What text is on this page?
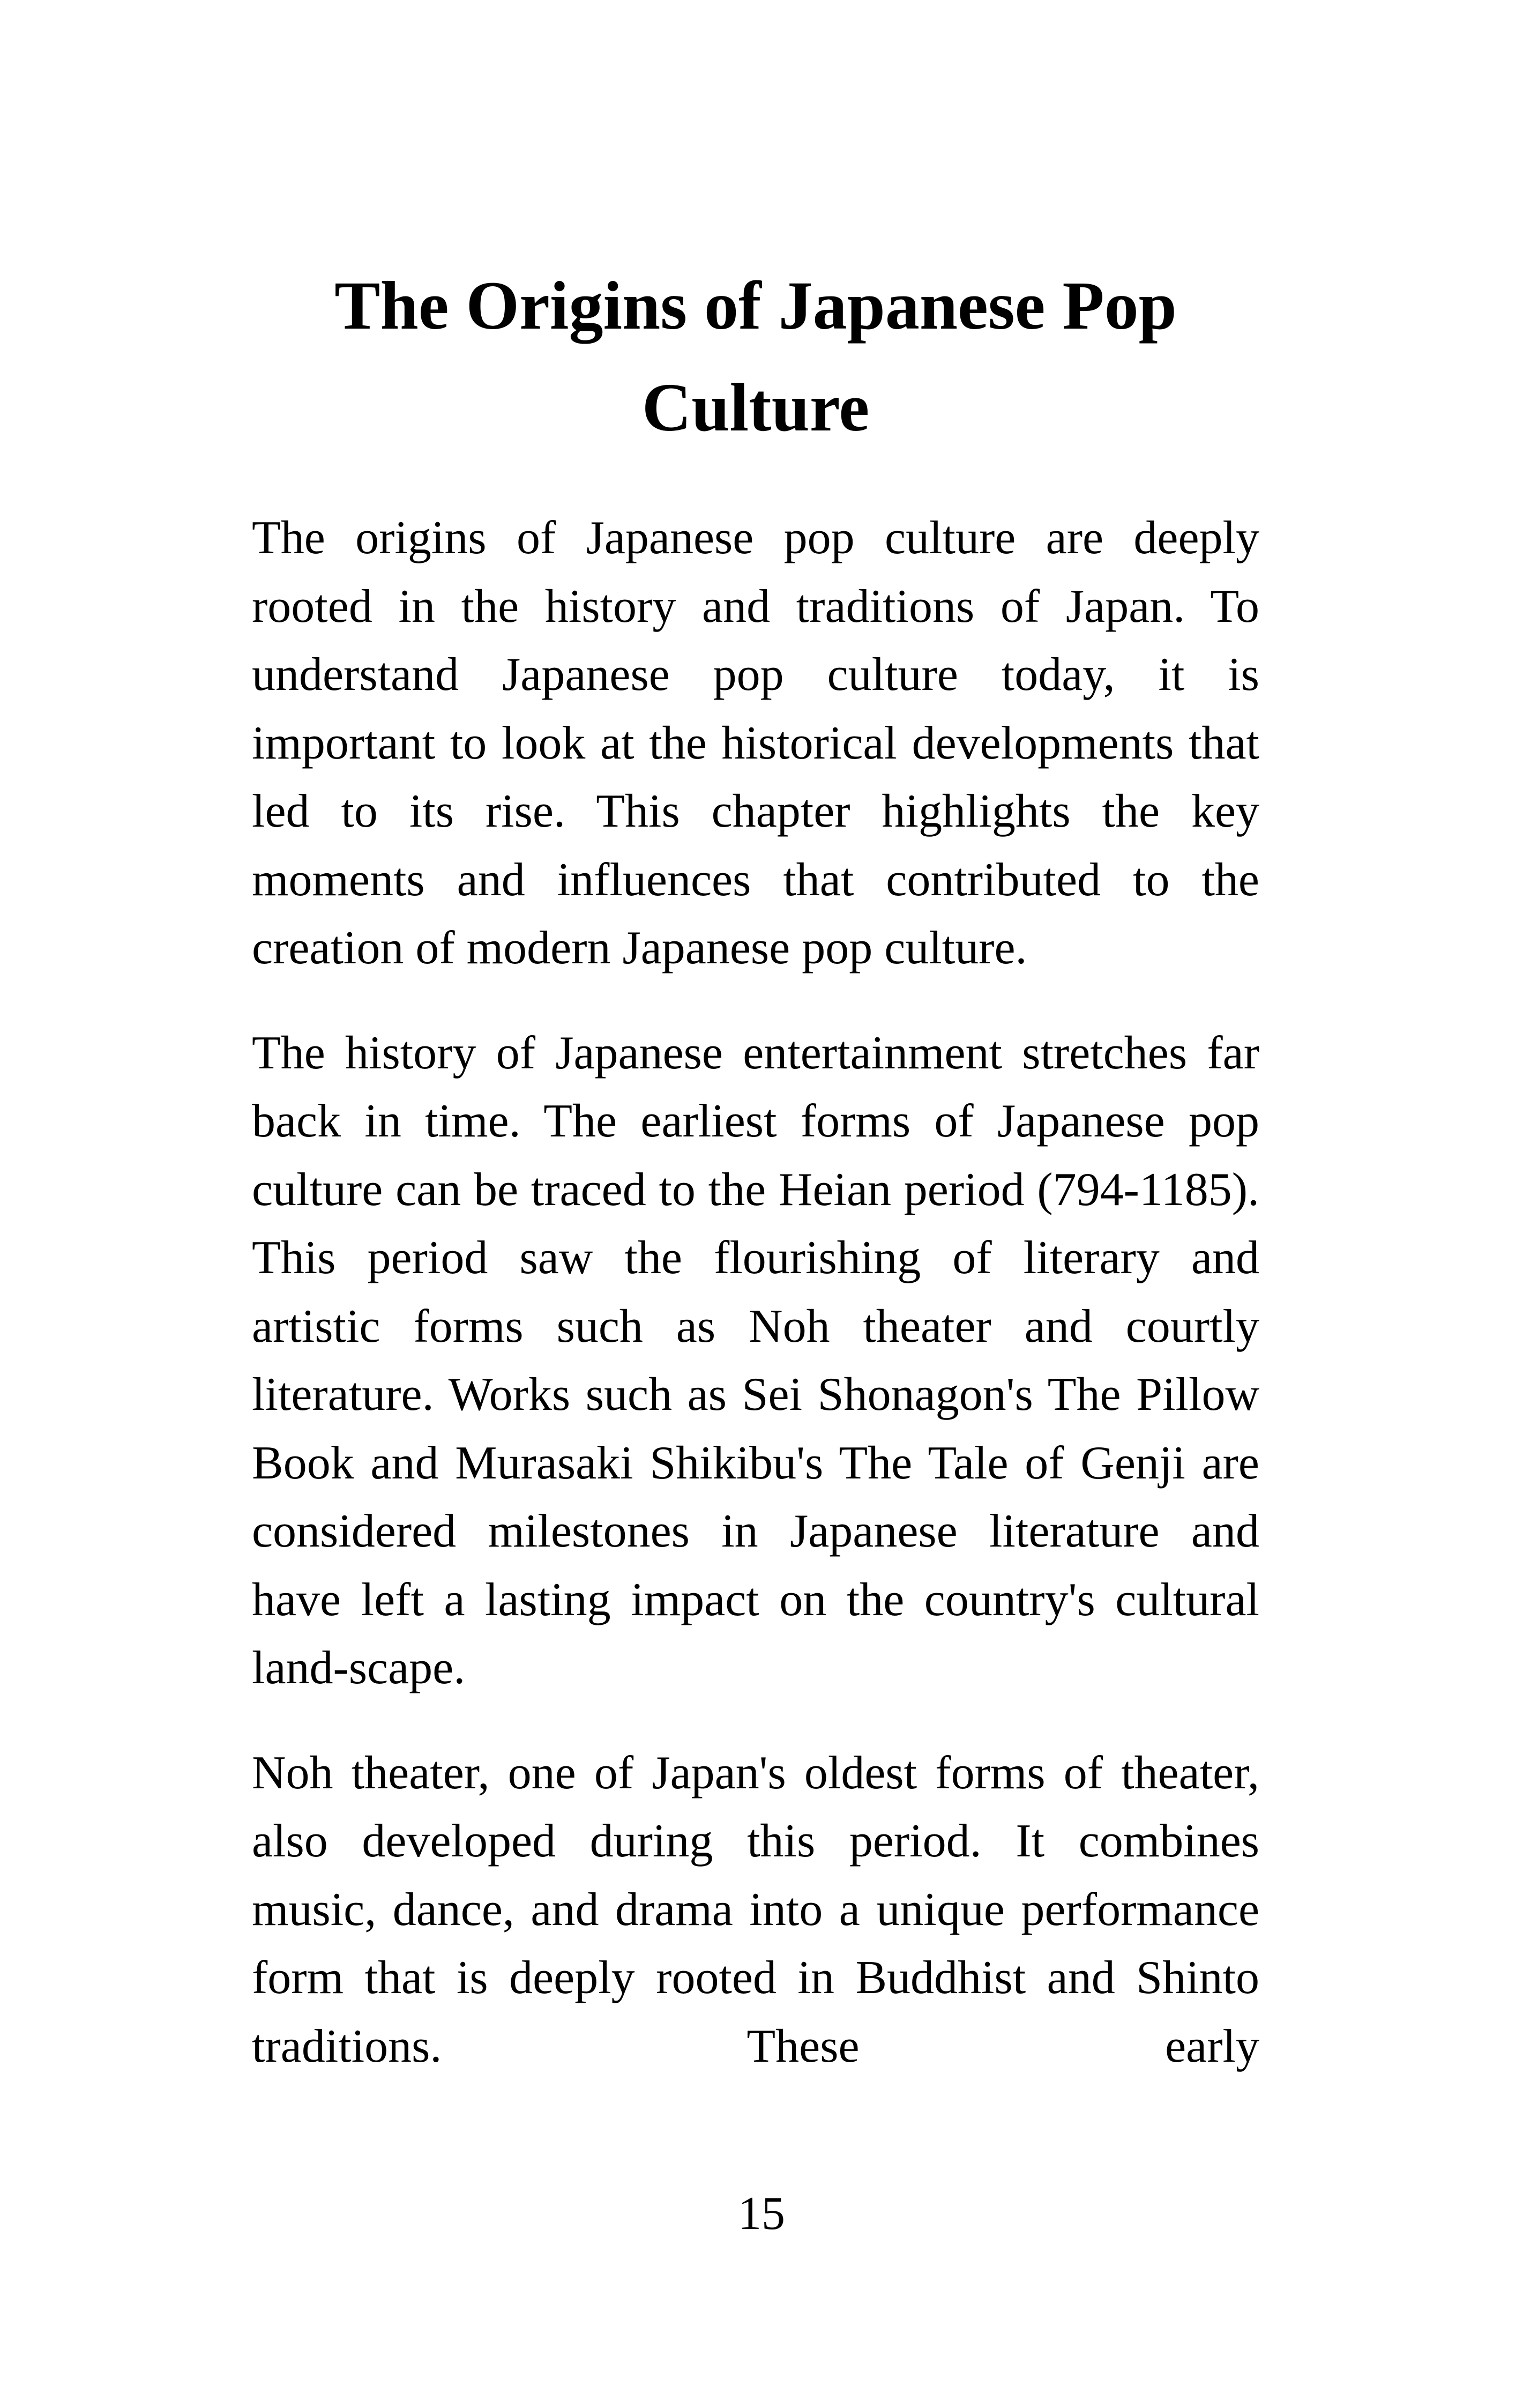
The Origins of Japanese Pop Culture

The origins of Japanese pop culture are deeply rooted in the history and traditions of Japan. To understand Japanese pop culture today, it is important to look at the historical developments that led to its rise. This chapter highlights the key moments and influences that contributed to the creation of modern Japanese pop culture.

The history of Japanese entertainment stretches far back in time. The earliest forms of Japanese pop culture can be traced to the Heian period (794-1185). This period saw the flourishing of literary and artistic forms such as Noh theater and courtly literature. Works such as Sei Shonagon's The Pillow Book and Murasaki Shikibu's The Tale of Genji are considered milestones in Japanese literature and have left a lasting impact on the country's cultural land-scape.

Noh theater, one of Japan's oldest forms of theater, also developed during this period. It combines music, dance, and drama into a unique performance form that is deeply rooted in Buddhist and Shinto traditions. These early

15
